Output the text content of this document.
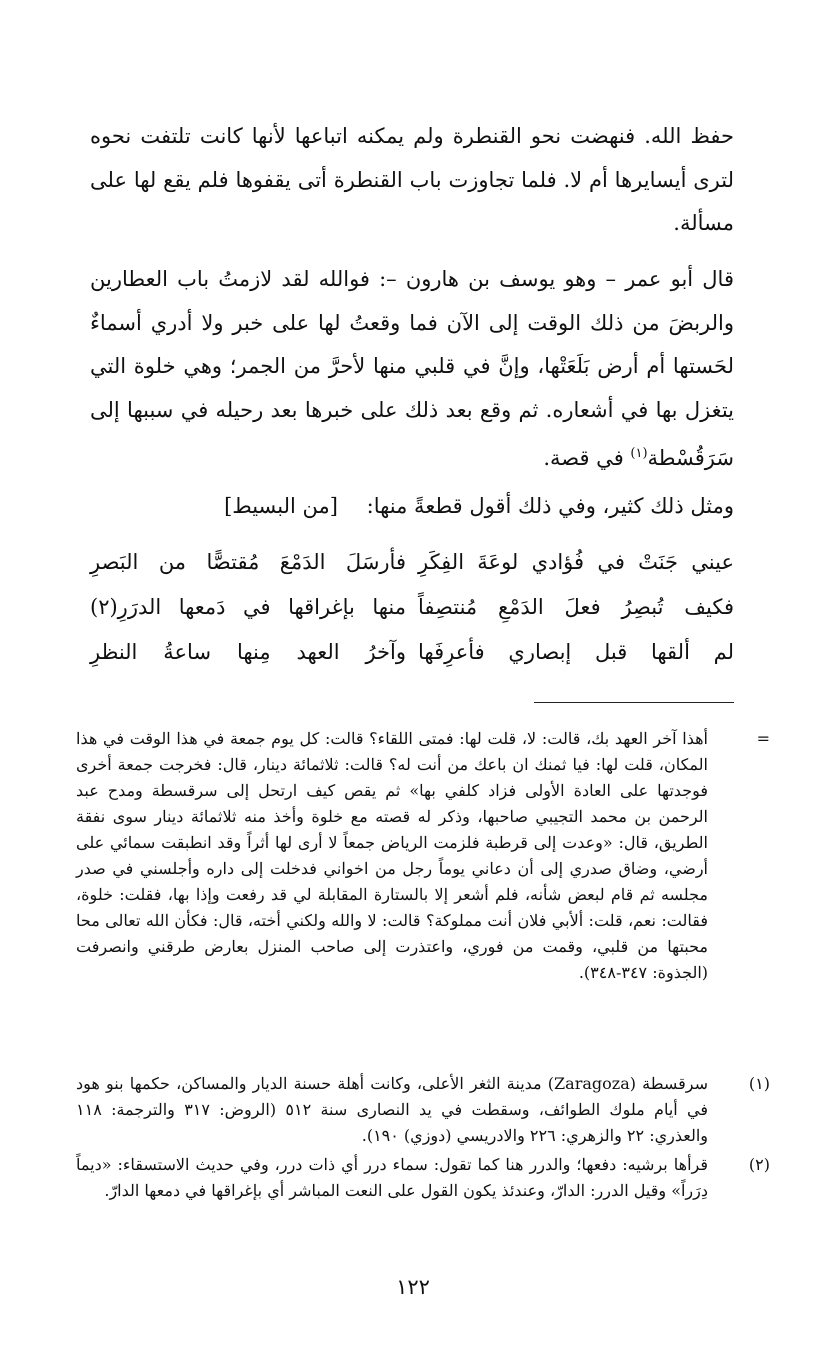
حفظ الله. فنهضت نحو القنطرة ولم يمكنه اتباعها لأنها كانت تلتفت نحوه لترى أيسايرها أم لا. فلما تجاوزت باب القنطرة أتى يقفوها فلم يقع لها على مسألة.

قال أبو عمر – وهو يوسف بن هارون –: فوالله لقد لازمتُ باب العطارين والربضَ من ذلك الوقت إلى الآن فما وقعتُ لها على خبر ولا أدري أسماءٌ لحَستها أم أرض بَلَعَتْها، وإنَّ في قلبي منها لأحرَّ من الجمر؛ وهي خلوة التي يتغزل بها في أشعاره. ثم وقع بعد ذلك على خبرها بعد رحيله في سببها إلى سَرَقُسْطة$^{(١)}$ في قصة.

ومثل ذلك كثير، وفي ذلك أقول قطعةً منها: [من البسيط]

عيني جَنَتْ في فُؤادي لوعَةَ الفِكَرِ
فأرسَلَ الدَمْعَ مُقتصًّا من البَصرِ
فكيف تُبصِرُ فعلَ الدَمْعِ مُنتصِفاً
منها بإغراقها في دَمعها الدرَرِ(٢)
لم ألقها قبل إبصاري فأعرِفَها
وآخرُ العهد مِنها ساعةُ النظرِ
=

أهذا آخر العهد بك، قالت: لا، قلت لها: فمتى اللقاء؟ قالت: كل يوم جمعة في هذا الوقت في هذا المكان، قلت لها: فيا ثمنك ان باعك من أنت له؟ قالت: ثلاثمائة دينار، قال: فخرجت جمعة أخرى فوجدتها على العادة الأولى فزاد كلفي بها» ثم يقص كيف ارتحل إلى سرقسطة ومدح عبد الرحمن بن محمد التجيبي صاحبها، وذكر له قصته مع خلوة وأخذ منه ثلاثمائة دينار سوى نفقة الطريق، قال: «وعدت إلى قرطبة فلزمت الرياض جمعاً لا أرى لها أثراً وقد انطبقت سمائي على أرضي، وضاق صدري إلى أن دعاني يوماً رجل من اخواني فدخلت إلى داره وأجلسني في صدر مجلسه ثم قام لبعض شأنه، فلم أشعر إلا بالستارة المقابلة لي قد رفعت وإذا بها، فقلت: خلوة، فقالت: نعم، قلت: ألأبي فلان أنت مملوكة؟ قالت: لا والله ولكني أخته، قال: فكأن الله تعالى محا محبتها من قلبي، وقمت من فوري، واعتذرت إلى صاحب المنزل بعارض طرقني وانصرفت (الجذوة: ٣٤٧-٣٤٨).

(١)

سرقسطة (Zaragoza) مدينة الثغر الأعلى، وكانت أهلة حسنة الديار والمساكن، حكمها بنو هود في أيام ملوك الطوائف، وسقطت في يد النصارى سنة ٥١٢ (الروض: ٣١٧ والترجمة: ١١٨ والعذري: ٢٢ والزهري: ٢٢٦ والادريسي (دوزي) ١٩٠).

(٢)

قرأها برشيه: دفعها؛ والدرر هنا كما تقول: سماء درر أي ذات درر، وفي حديث الاستسقاء: «ديماً دِرَراً» وقيل الدرر: الدارّ، وعندئذ يكون القول على النعت المباشر أي بإغراقها في دمعها الدارّ.

١٢٢
